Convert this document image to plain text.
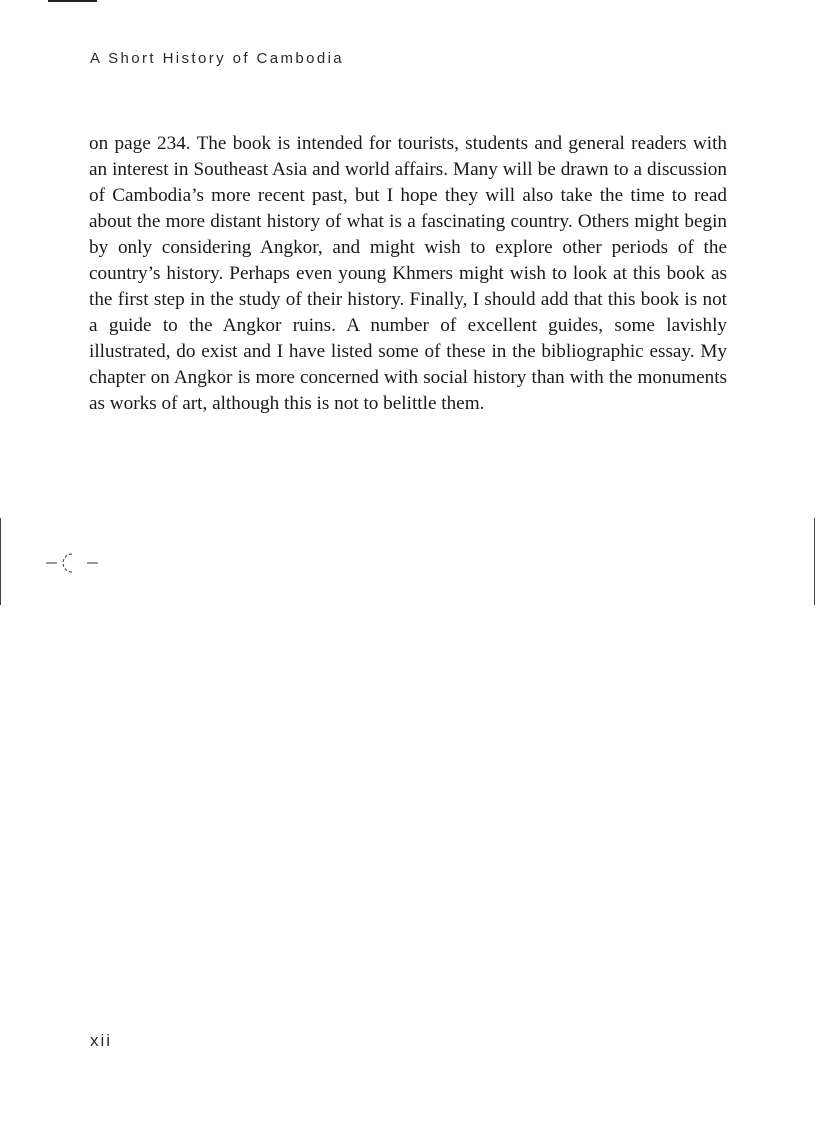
A Short History of Cambodia

on page 234. The book is intended for tourists, students and general readers with an interest in Southeast Asia and world affairs. Many will be drawn to a discussion of Cambodia’s more recent past, but I hope they will also take the time to read about the more distant history of what is a fascinating country. Others might begin by only considering Angkor, and might wish to explore other periods of the country’s history. Perhaps even young Khmers might wish to look at this book as the first step in the study of their history. Finally, I should add that this book is not a guide to the Angkor ruins. A number of excellent guides, some lavishly illustrated, do exist and I have listed some of these in the bibliographic essay. My chapter on Angkor is more concerned with social history than with the monuments as works of art, although this is not to belittle them.

xii
